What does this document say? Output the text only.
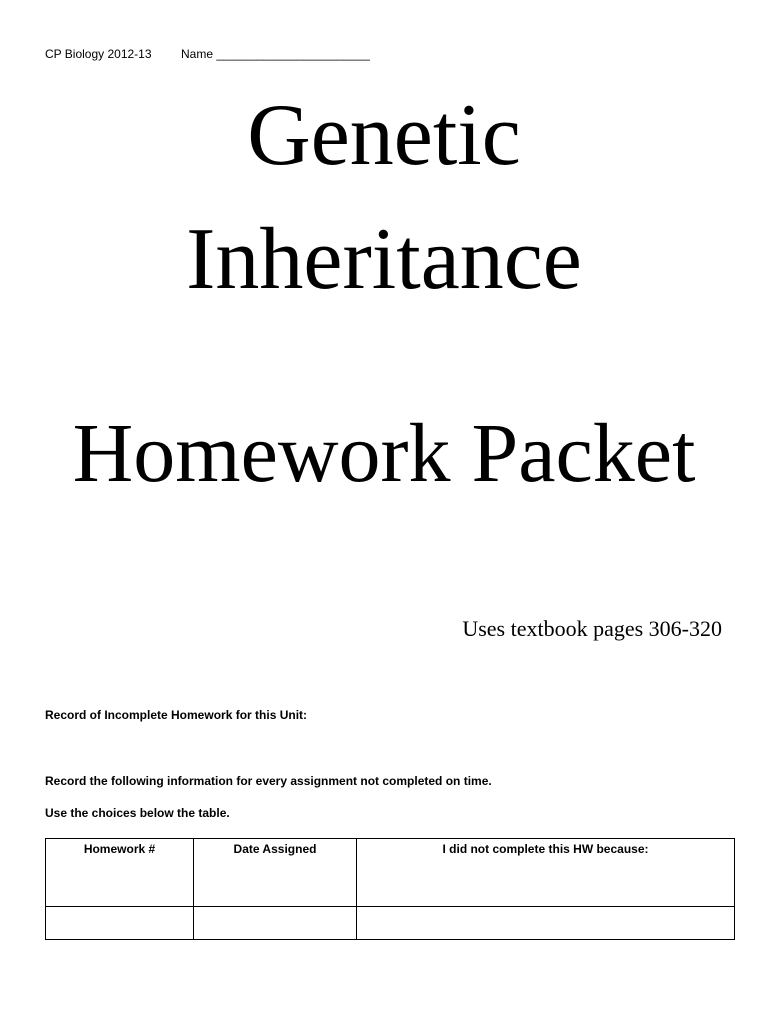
CP Biology 2012-13 Name _______________________
Genetic
Inheritance
Homework Packet
Uses textbook pages 306-320
Record of Incomplete Homework for this Unit:
Record the following information for every assignment not completed on time.
Use the choices below the table.
Homework #	Date Assigned	I did not complete this HW because:
